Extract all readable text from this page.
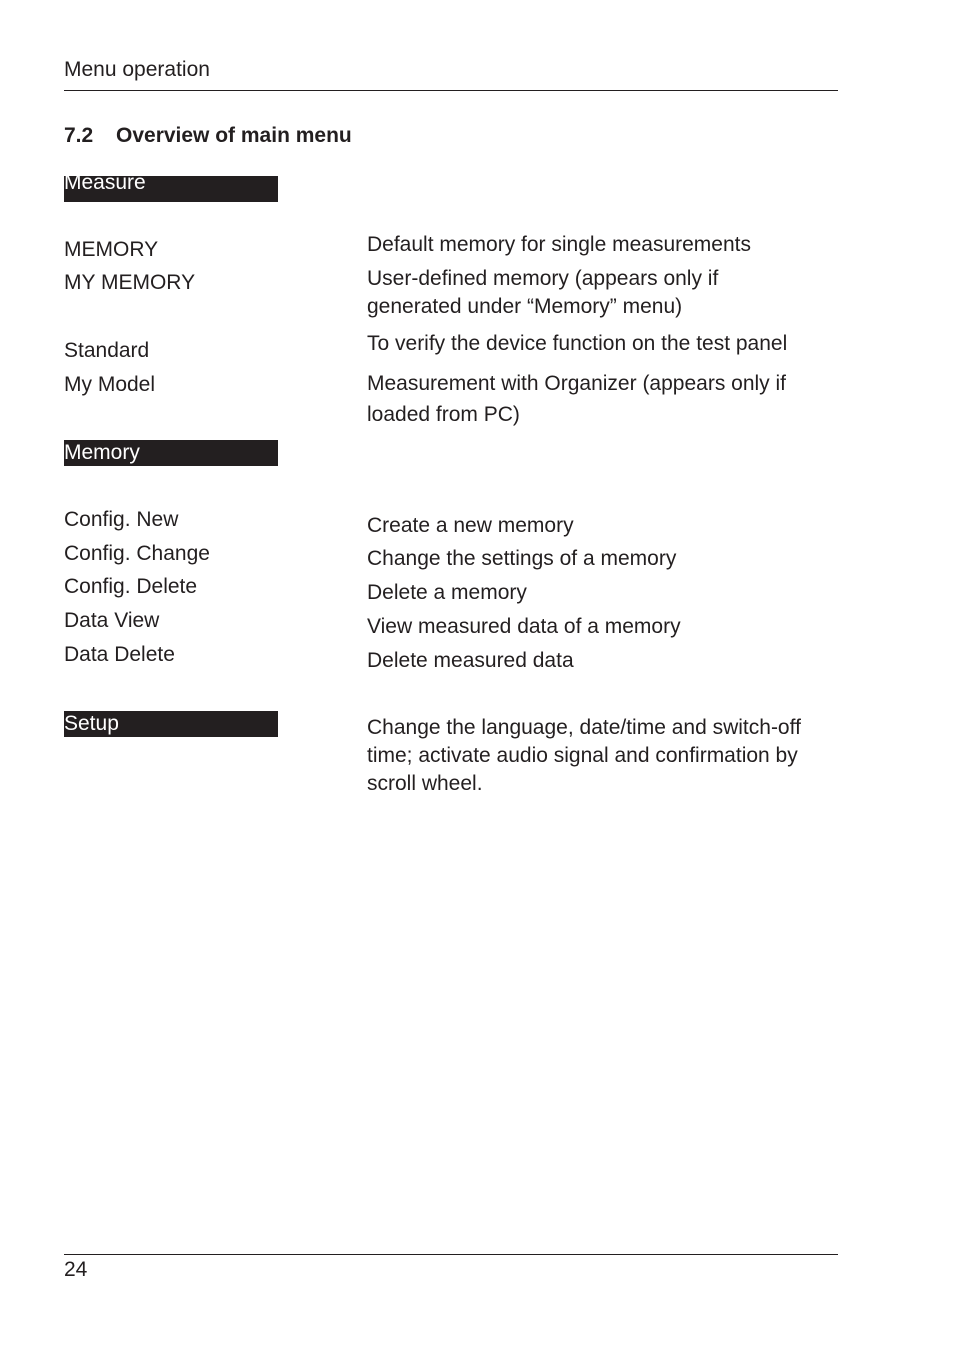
Menu operation
7.2 Overview of main menu
Measure
MEMORY	Default memory for single measurements
MY MEMORY	User-defined memory (appears only if
generated under “Memory” menu)
Standard	To verify the device function on the test panel
My Model	Measurement with Organizer (appears only if
loaded from PC)
Memory
Config. New	Create a new memory
Config. Change	Change the settings of a memory
Config. Delete	Delete a memory
Data View	View measured data of a memory
Data Delete	Delete measured data
Setup	Change the language, date/time and switch-off
time; activate audio signal and confirmation by
scroll wheel.
24
